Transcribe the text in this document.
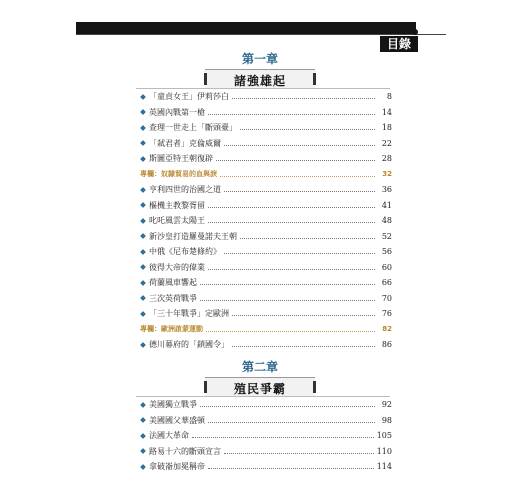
目錄
第一章
諸強雄起
「童貞女王」伊莉莎白	8
英國內戰第一槍	14
查理一世走上「斷頭臺」	18
「弒君者」克倫威爾	22
斯圖亞特王朝復辟	28
專欄：奴隸貿易的血與淚	32
亨利四世的治國之道	36
樞機主教黎胥留	41
叱吒風雲太陽王	48
新沙皇打造羅曼諾夫王朝	52
中俄《尼布楚條約》	56
彼得大帝的偉業	60
荷蘭風車響起	66
三次英荷戰爭	70
「三十年戰爭」定歐洲	76
專欄：歐洲啟蒙運動	82
德川幕府的「鎖國令」	86
第二章
殖民爭霸
美國獨立戰爭	92
美國國父華盛頓	98
法國大革命	105
路易十六的斷頭宣言	110
拿破崙加冕稱帝	114
